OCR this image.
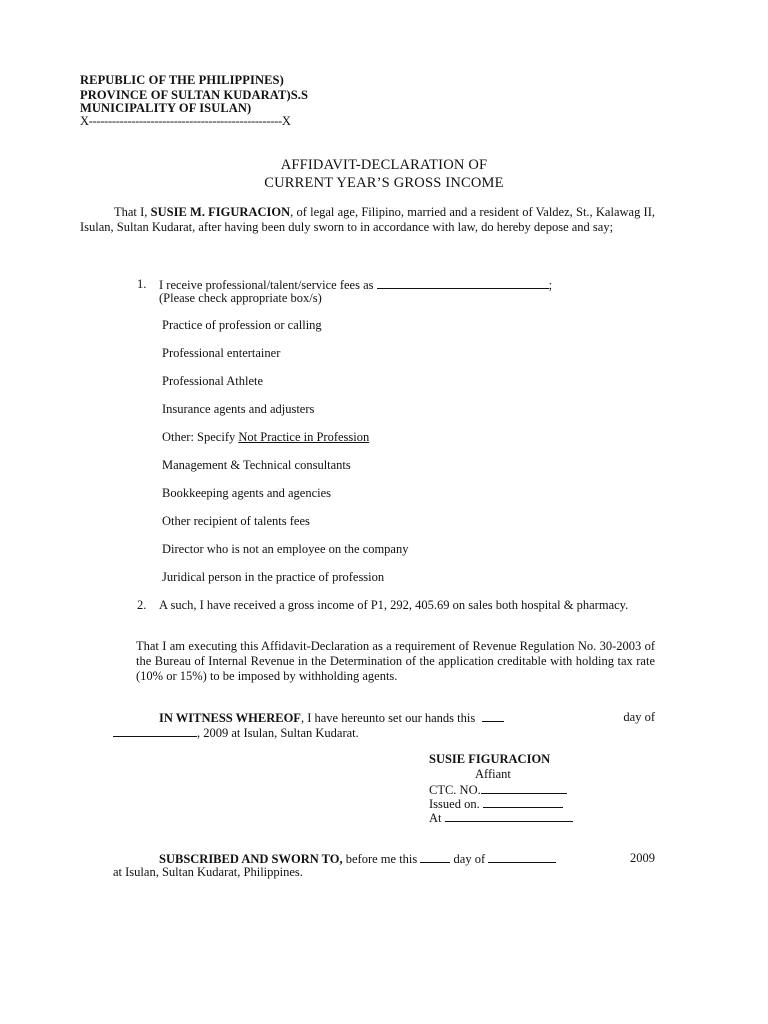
REPUBLIC OF THE PHILIPPINES)
PROVINCE OF SULTAN KUDARAT)S.S
MUNICIPALITY OF ISULAN)
X--------------------------------------------------X
AFFIDAVIT-DECLARATION OF
CURRENT YEAR’S GROSS INCOME
That I, SUSIE M. FIGURACION, of legal age, Filipino, married and a resident of Valdez, St., Kalawag II, Isulan, Sultan Kudarat, after having been duly sworn to in accordance with law, do hereby depose and say;
1. I receive professional/talent/service fees as	;
(Please check appropriate box/s)
Practice of profession or calling
Professional entertainer
Professional Athlete
Insurance agents and adjusters
Other: Specify Not Practice in Profession
Management & Technical consultants
Bookkeeping agents and agencies
Other recipient of talents fees
Director who is not an employee on the company
Juridical person in the practice of profession
2. A such, I have received a gross income of P1, 292, 405.69 on sales both hospital & pharmacy.
That I am executing this Affidavit-Declaration as a requirement of Revenue Regulation No. 30-2003 of the Bureau of Internal Revenue in the Determination of the application creditable with holding tax rate (10% or 15%) to be imposed by withholding agents.
IN WITNESS WHEREOF, I have hereunto set our hands this	day of
, 2009 at Isulan, Sultan Kudarat.
SUSIE FIGURACION
Affiant
CTC. NO.
Issued on.
At
SUBSCRIBED AND SWORN TO, before me this  day of	2009
at Isulan, Sultan Kudarat, Philippines.
